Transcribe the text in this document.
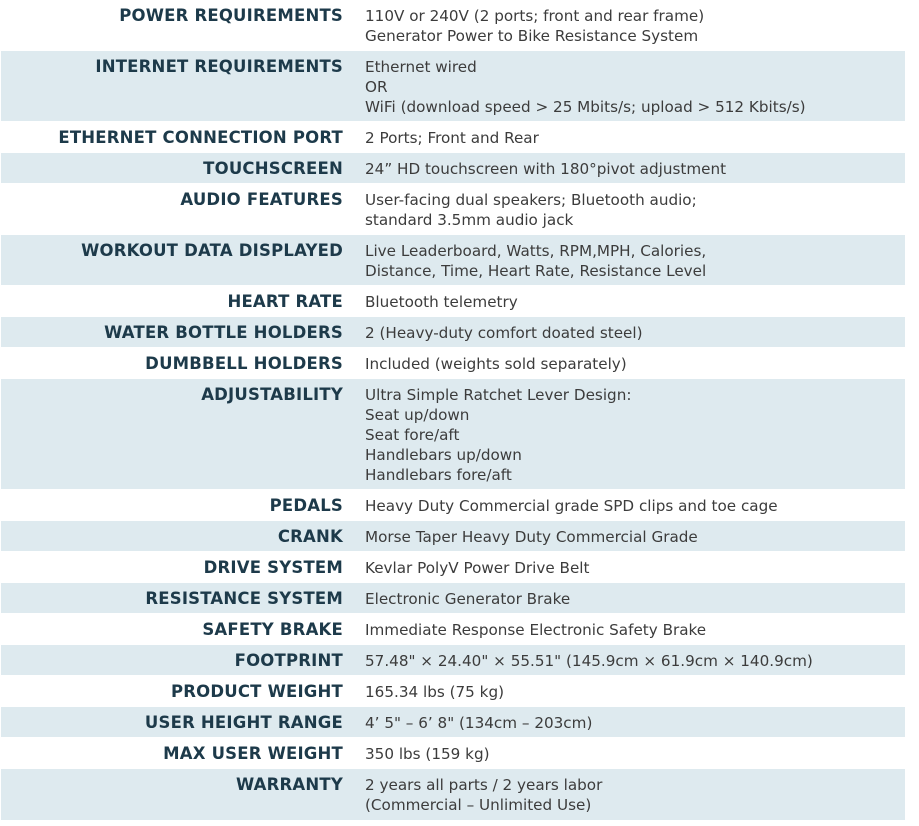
POWER REQUIREMENTS	110V or 240V (2 ports; front and rear frame)
Generator Power to Bike Resistance System
INTERNET REQUIREMENTS	Ethernet wired
OR
WiFi (download speed > 25 Mbits/s; upload > 512 Kbits/s)
ETHERNET CONNECTION PORT	2 Ports; Front and Rear
TOUCHSCREEN	24” HD touchscreen with 180°pivot adjustment
AUDIO FEATURES	User-facing dual speakers; Bluetooth audio;
standard 3.5mm audio jack
WORKOUT DATA DISPLAYED	Live Leaderboard, Watts, RPM,MPH, Calories,
Distance, Time, Heart Rate, Resistance Level
HEART RATE	Bluetooth telemetry
WATER BOTTLE HOLDERS	2 (Heavy-duty comfort doated steel)
DUMBBELL HOLDERS	Included (weights sold separately)
ADJUSTABILITY	Ultra Simple Ratchet Lever Design:
Seat up/down
Seat fore/aft
Handlebars up/down
Handlebars fore/aft
PEDALS	Heavy Duty Commercial grade SPD clips and toe cage
CRANK	Morse Taper Heavy Duty Commercial Grade
DRIVE SYSTEM	Kevlar PolyV Power Drive Belt
RESISTANCE SYSTEM	Electronic Generator Brake
SAFETY BRAKE	Immediate Response Electronic Safety Brake
FOOTPRINT	57.48" × 24.40" × 55.51" (145.9cm × 61.9cm × 140.9cm)
PRODUCT WEIGHT	165.34 lbs (75 kg)
USER HEIGHT RANGE	4’ 5" – 6’ 8" (134cm – 203cm)
MAX USER WEIGHT	350 lbs (159 kg)
WARRANTY	2 years all parts / 2 years labor
(Commercial – Unlimited Use)
